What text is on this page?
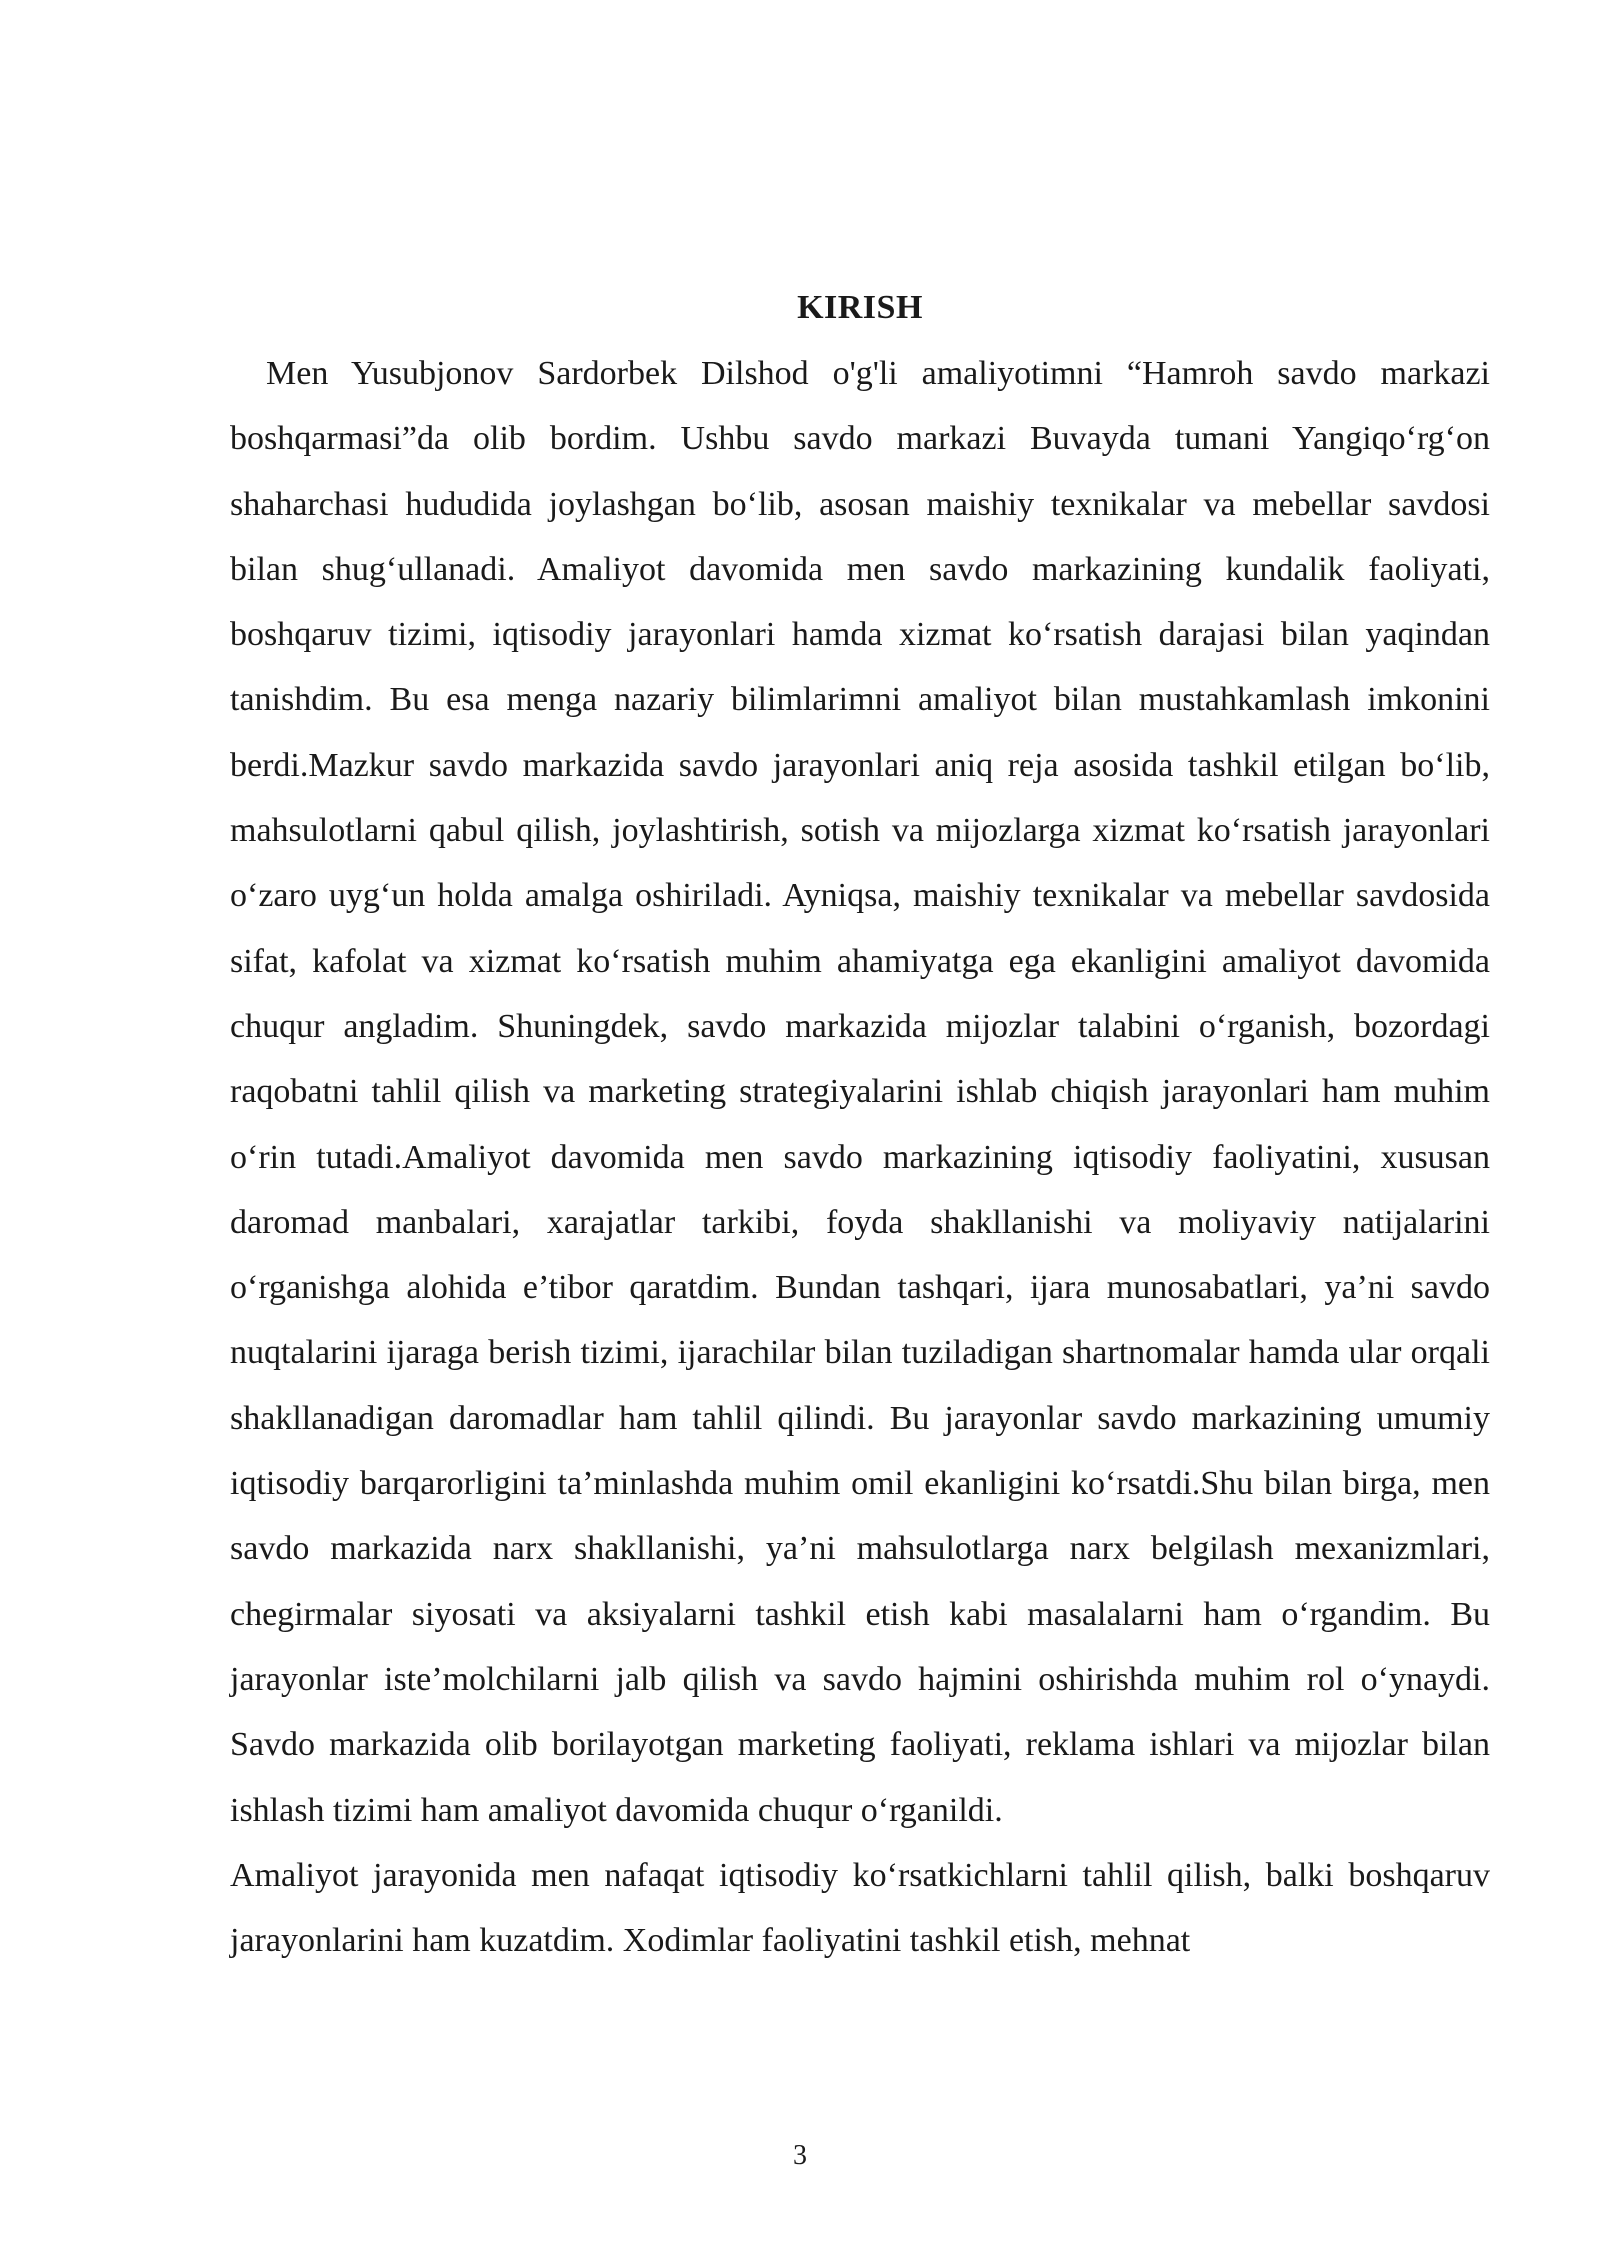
KIRISH

Men Yusubjonov Sardorbek Dilshod o'g'li amaliyotimni “Hamroh savdo markazi boshqarmasi”da olib bordim. Ushbu savdo markazi Buvayda tumani Yangiqoʻrgʻon shaharchasi hududida joylashgan boʻlib, asosan maishiy texnikalar va mebellar savdosi bilan shugʻullanadi. Amaliyot davomida men savdo markazining kundalik faoliyati, boshqaruv tizimi, iqtisodiy jarayonlari hamda xizmat koʻrsatish darajasi bilan yaqindan tanishdim. Bu esa menga nazariy bilimlarimni amaliyot bilan mustahkamlash imkonini berdi.Mazkur savdo markazida savdo jarayonlari aniq reja asosida tashkil etilgan boʻlib, mahsulotlarni qabul qilish, joylashtirish, sotish va mijozlarga xizmat koʻrsatish jarayonlari oʻzaro uygʻun holda amalga oshiriladi. Ayniqsa, maishiy texnikalar va mebellar savdosida sifat, kafolat va xizmat koʻrsatish muhim ahamiyatga ega ekanligini amaliyot davomida chuqur angladim. Shuningdek, savdo markazida mijozlar talabini oʻrganish, bozordagi raqobatni tahlil qilish va marketing strategiyalarini ishlab chiqish jarayonlari ham muhim oʻrin tutadi.Amaliyot davomida men savdo markazining iqtisodiy faoliyatini, xususan daromad manbalari, xarajatlar tarkibi, foyda shakllanishi va moliyaviy natijalarini oʻrganishga alohida e’tibor qaratdim. Bundan tashqari, ijara munosabatlari, ya’ni savdo nuqtalarini ijaraga berish tizimi, ijarachilar bilan tuziladigan shartnomalar hamda ular orqali shakllanadigan daromadlar ham tahlil qilindi. Bu jarayonlar savdo markazining umumiy iqtisodiy barqarorligini ta’minlashda muhim omil ekanligini koʻrsatdi.Shu bilan birga, men savdo markazida narx shakllanishi, ya’ni mahsulotlarga narx belgilash mexanizmlari, chegirmalar siyosati va aksiyalarni tashkil etish kabi masalalarni ham oʻrgandim. Bu jarayonlar iste’molchilarni jalb qilish va savdo hajmini oshirishda muhim rol oʻynaydi. Savdo markazida olib borilayotgan marketing faoliyati, reklama ishlari va mijozlar bilan ishlash tizimi ham amaliyot davomida chuqur oʻrganildi.

Amaliyot jarayonida men nafaqat iqtisodiy koʻrsatkichlarni tahlil qilish, balki boshqaruv jarayonlarini ham kuzatdim. Xodimlar faoliyatini tashkil etish, mehnat

3
